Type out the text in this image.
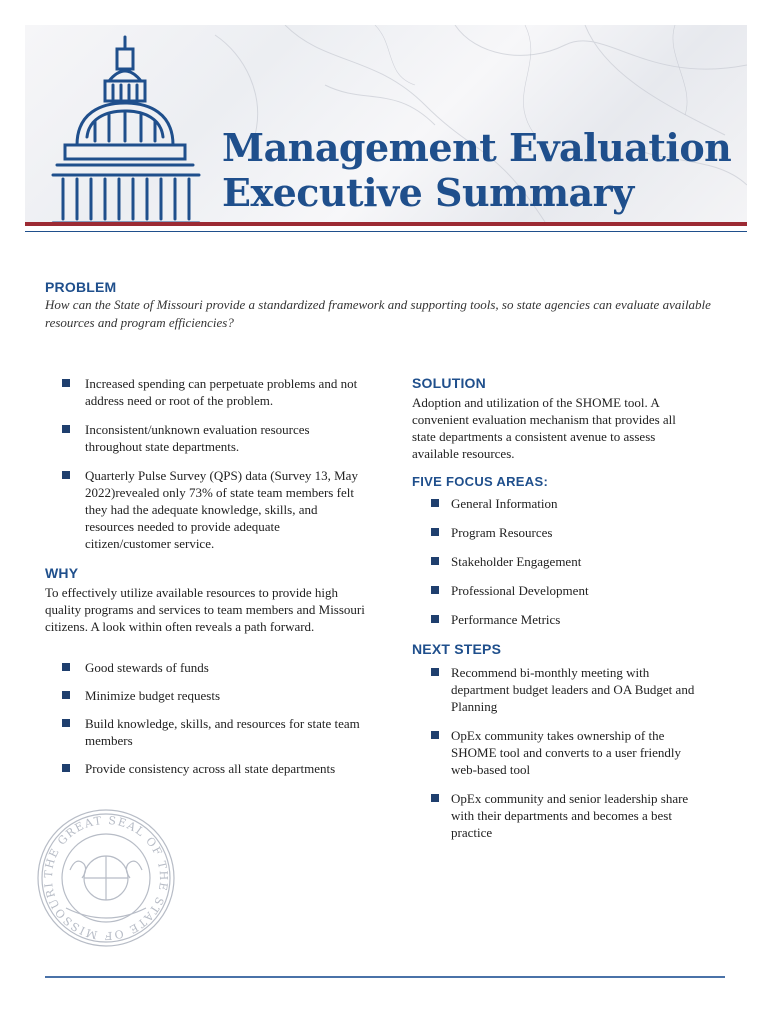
Management Evaluation
Executive Summary
PROBLEM

How can the State of Missouri provide a standardized framework and supporting tools, so state agencies can evaluate available resources and program efficiencies?

Increased spending can perpetuate problems and not address need or root of the problem.
Inconsistent/unknown evaluation resources throughout state departments.
Quarterly Pulse Survey (QPS) data (Survey 13, May 2022)revealed only 73% of state team members felt they had the adequate knowledge, skills, and resources needed to provide adequate citizen/customer service.
WHY

To effectively utilize available resources to provide high quality programs and services to team members and Missouri citizens. A look within often reveals a path forward.

Good stewards of funds
Minimize budget requests
Build knowledge, skills, and resources for state team members
Provide consistency across all state departments
SOLUTION

Adoption and utilization of the SHOME tool. A convenient evaluation mechanism that provides all state departments a consistent avenue to assess available resources.

FIVE FOCUS AREAS:
General Information
Program Resources
Stakeholder Engagement
Professional Development
Performance Metrics
NEXT STEPS
Recommend bi-monthly meeting with department budget leaders and OA Budget and Planning
OpEx community takes ownership of the SHOME tool and converts to a user friendly web-based tool
OpEx community and senior leadership share with their departments and becomes a best practice
THE GREAT SEAL OF THE STATE OF MISSOURI
